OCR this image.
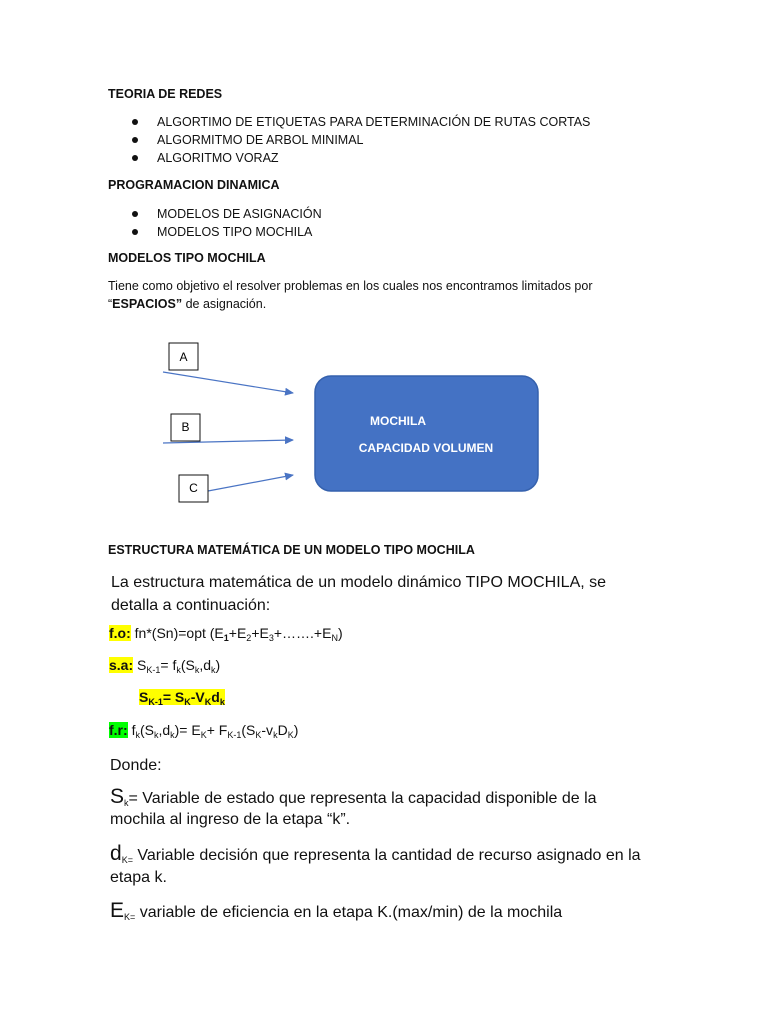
TEORIA DE REDES
ALGORTIMO DE ETIQUETAS PARA DETERMINACIÓN DE RUTAS CORTAS
ALGORMITMO DE ARBOL MINIMAL
ALGORITMO VORAZ
PROGRAMACION DINAMICA
MODELOS DE ASIGNACIÓN
MODELOS TIPO MOCHILA
MODELOS TIPO MOCHILA
Tiene como objetivo el resolver problemas en los cuales nos encontramos limitados por
“ESPACIOS” de asignación.
A
B
C
MOCHILA
CAPACIDAD VOLUMEN
ESTRUCTURA MATEMÁTICA DE UN MODELO TIPO MOCHILA
La estructura matemática de un modelo dinámico TIPO MOCHILA, se
detalla a continuación:
f.o: fn*(Sn)=opt $(E_1+E_2+E_3+\dots\dots.+E_N)$
s.a: $S_{K-1}= f_k(S_k,d_k)$
$S_{K-1}= S_K-V_Kd_k$
f.r: $f_k(S_k,d_k)= E_K+ F_{K-1}(S_K-v_kD_K)$
Donde:
$S_k=$ Variable de estado que representa la capacidad disponible de la
mochila al ingreso de la etapa “k”.
$d_{K=}$ Variable decisión que representa la cantidad de recurso asignado en la
etapa k.
$E_{K=}$ variable de eficiencia en la etapa K.(max/min) de la mochila
